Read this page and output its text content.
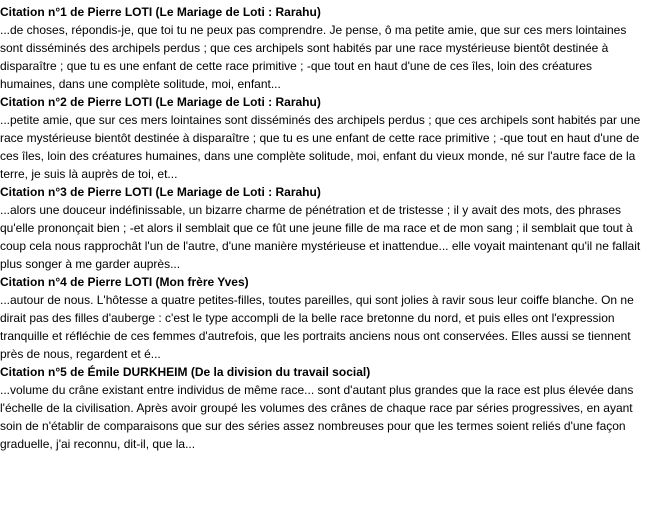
Citation n°1 de Pierre LOTI (Le Mariage de Loti : Rarahu)

...de choses, répondis-je, que toi tu ne peux pas comprendre. Je pense, ô ma petite amie, que sur ces mers lointaines sont disséminés des archipels perdus ; que ces archipels sont habités par une race mystérieuse bientôt destinée à disparaître ; que tu es une enfant de cette race primitive ; -que tout en haut d'une de ces îles, loin des créatures humaines, dans une complète solitude, moi, enfant...

Citation n°2 de Pierre LOTI (Le Mariage de Loti : Rarahu)

...petite amie, que sur ces mers lointaines sont disséminés des archipels perdus ; que ces archipels sont habités par une race mystérieuse bientôt destinée à disparaître ; que tu es une enfant de cette race primitive ; -que tout en haut d'une de ces îles, loin des créatures humaines, dans une complète solitude, moi, enfant du vieux monde, né sur l'autre face de la terre, je suis là auprès de toi, et...

Citation n°3 de Pierre LOTI (Le Mariage de Loti : Rarahu)

...alors une douceur indéfinissable, un bizarre charme de pénétration et de tristesse ; il y avait des mots, des phrases qu'elle prononçait bien ; -et alors il semblait que ce fût une jeune fille de ma race et de mon sang ; il semblait que tout à coup cela nous rapprochât l'un de l'autre, d'une manière mystérieuse et inattendue... elle voyait maintenant qu'il ne fallait plus songer à me garder auprès...

Citation n°4 de Pierre LOTI (Mon frère Yves)

...autour de nous. L'hôtesse a quatre petites-filles, toutes pareilles, qui sont jolies à ravir sous leur coiffe blanche. On ne dirait pas des filles d'auberge : c'est le type accompli de la belle race bretonne du nord, et puis elles ont l'expression tranquille et réfléchie de ces femmes d'autrefois, que les portraits anciens nous ont conservées. Elles aussi se tiennent près de nous, regardent et é...

Citation n°5 de Émile DURKHEIM (De la division du travail social)

...volume du crâne existant entre individus de même race... sont d'autant plus grandes que la race est plus élevée dans l'échelle de la civilisation. Après avoir groupé les volumes des crânes de chaque race par séries progressives, en ayant soin de n'établir de comparaisons que sur des séries assez nombreuses pour que les termes soient reliés d'une façon graduelle, j'ai reconnu, dit-il, que la...
